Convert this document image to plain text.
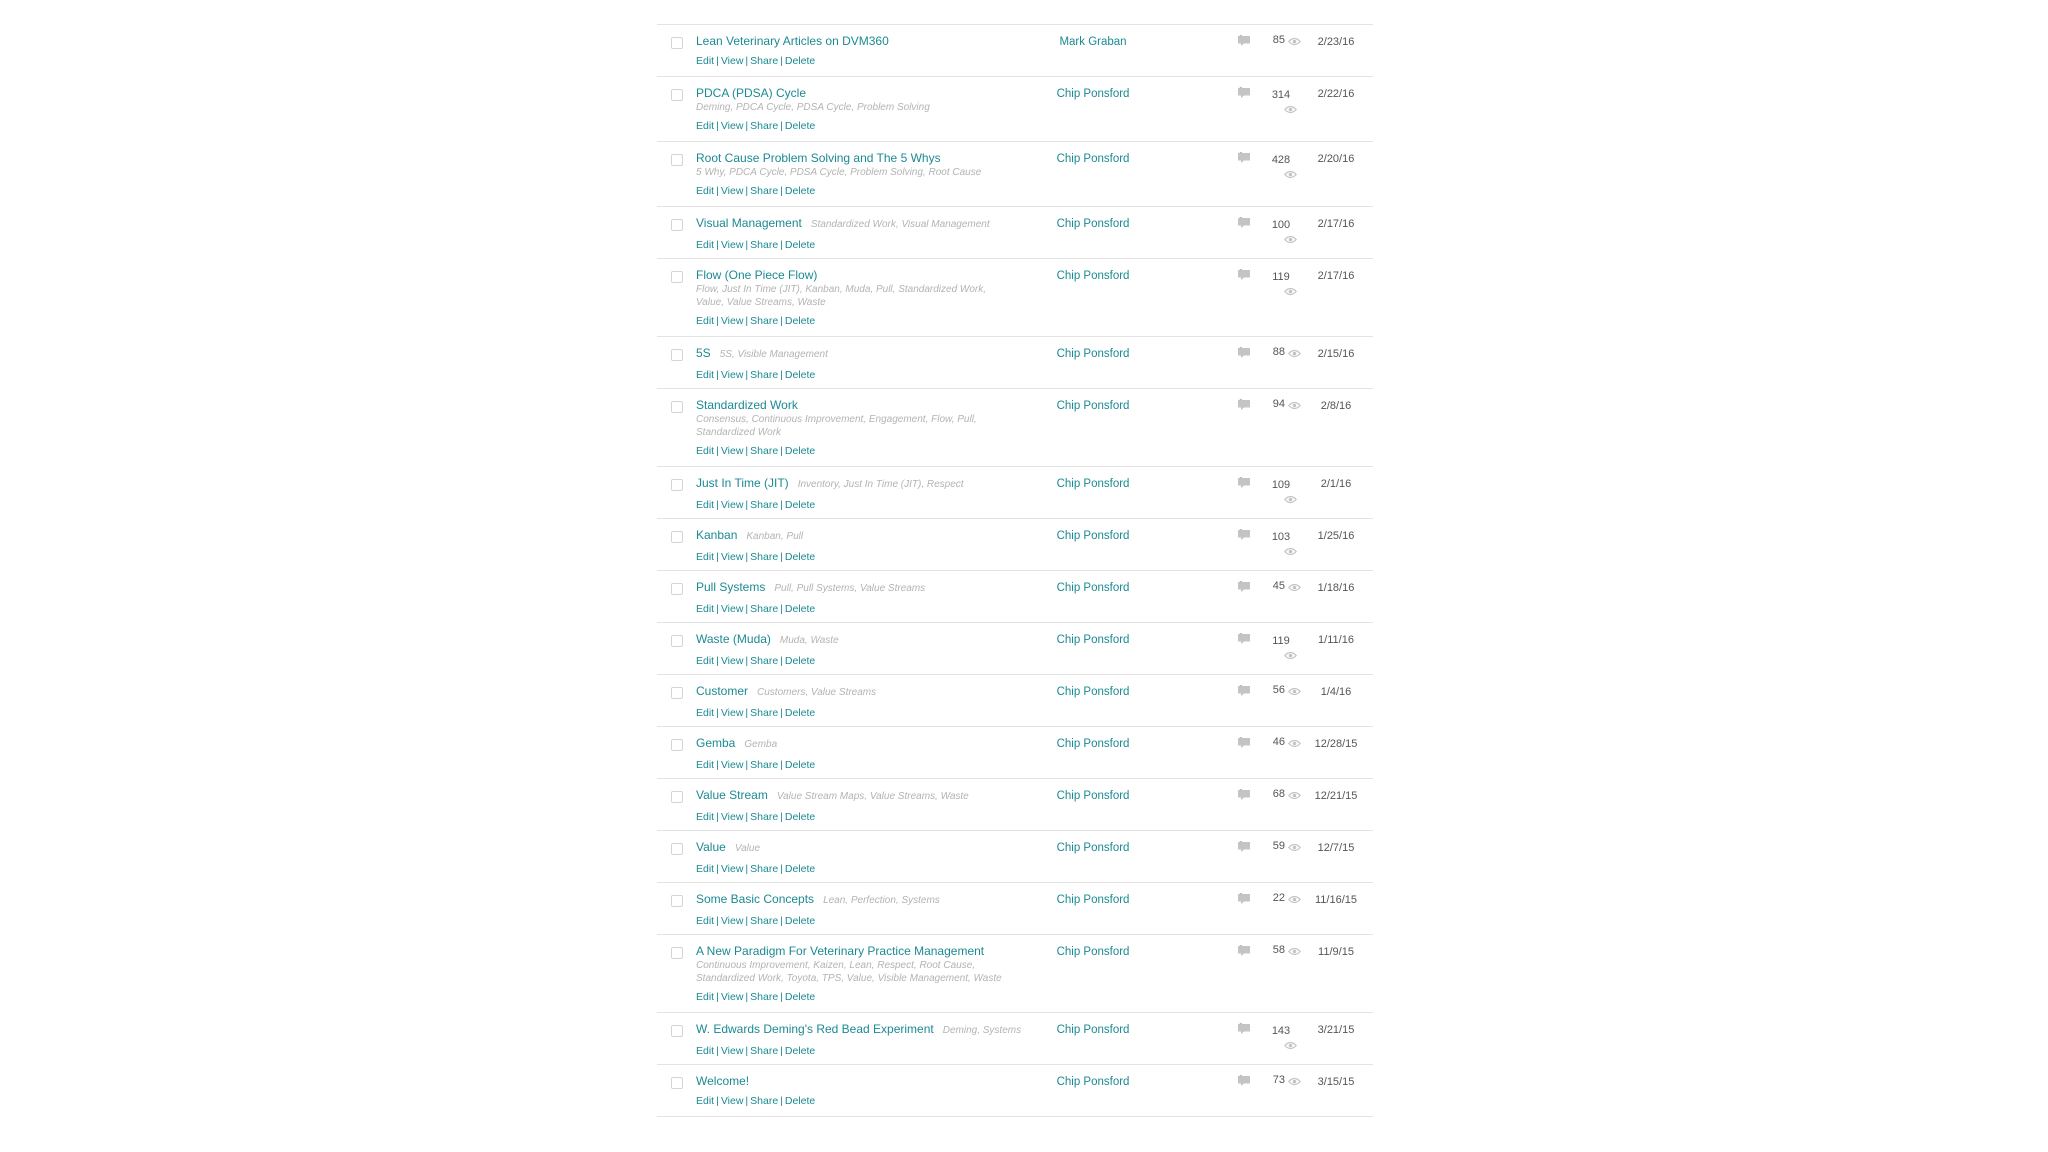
Lean Veterinary Articles on DVM360
Edit | View | Share | Delete
Mark Graban	85	2/23/16
PDCA (PDSA) Cycle
Deming, PDCA Cycle, PDSA Cycle, Problem Solving
Edit | View | Share | Delete
Chip Ponsford	314	2/22/16
Root Cause Problem Solving and The 5 Whys
5 Why, PDCA Cycle, PDSA Cycle, Problem Solving, Root Cause
Edit | View | Share | Delete
Chip Ponsford	428	2/20/16
Visual Management Standardized Work, Visual Management
Edit | View | Share | Delete
Chip Ponsford	100	2/17/16
Flow (One Piece Flow)
Flow, Just In Time (JIT), Kanban, Muda, Pull, Standardized Work,
Value, Value Streams, Waste
Edit | View | Share | Delete
Chip Ponsford	119	2/17/16
5S 5S, Visible Management
Edit | View | Share | Delete
Chip Ponsford	88	2/15/16
Standardized Work
Consensus, Continuous Improvement, Engagement, Flow, Pull,
Standardized Work
Edit | View | Share | Delete
Chip Ponsford	94	2/8/16
Just In Time (JIT) Inventory, Just In Time (JIT), Respect
Edit | View | Share | Delete
Chip Ponsford	109	2/1/16
Kanban Kanban, Pull
Edit | View | Share | Delete
Chip Ponsford	103	1/25/16
Pull Systems Pull, Pull Systems, Value Streams
Edit | View | Share | Delete
Chip Ponsford	45	1/18/16
Waste (Muda) Muda, Waste
Edit | View | Share | Delete
Chip Ponsford	119	1/11/16
Customer Customers, Value Streams
Edit | View | Share | Delete
Chip Ponsford	56	1/4/16
Gemba Gemba
Edit | View | Share | Delete
Chip Ponsford	46	12/28/15
Value Stream Value Stream Maps, Value Streams, Waste
Edit | View | Share | Delete
Chip Ponsford	68	12/21/15
Value Value
Edit | View | Share | Delete
Chip Ponsford	59	12/7/15
Some Basic Concepts Lean, Perfection, Systems
Edit | View | Share | Delete
Chip Ponsford	22	11/16/15
A New Paradigm For Veterinary Practice Management
Continuous Improvement, Kaizen, Lean, Respect, Root Cause,
Standardized Work, Toyota, TPS, Value, Visible Management, Waste
Edit | View | Share | Delete
Chip Ponsford	58	11/9/15
W. Edwards Deming's Red Bead Experiment Deming, Systems
Edit | View | Share | Delete
Chip Ponsford	143	3/21/15
Welcome!
Edit | View | Share | Delete
Chip Ponsford	73	3/15/15
